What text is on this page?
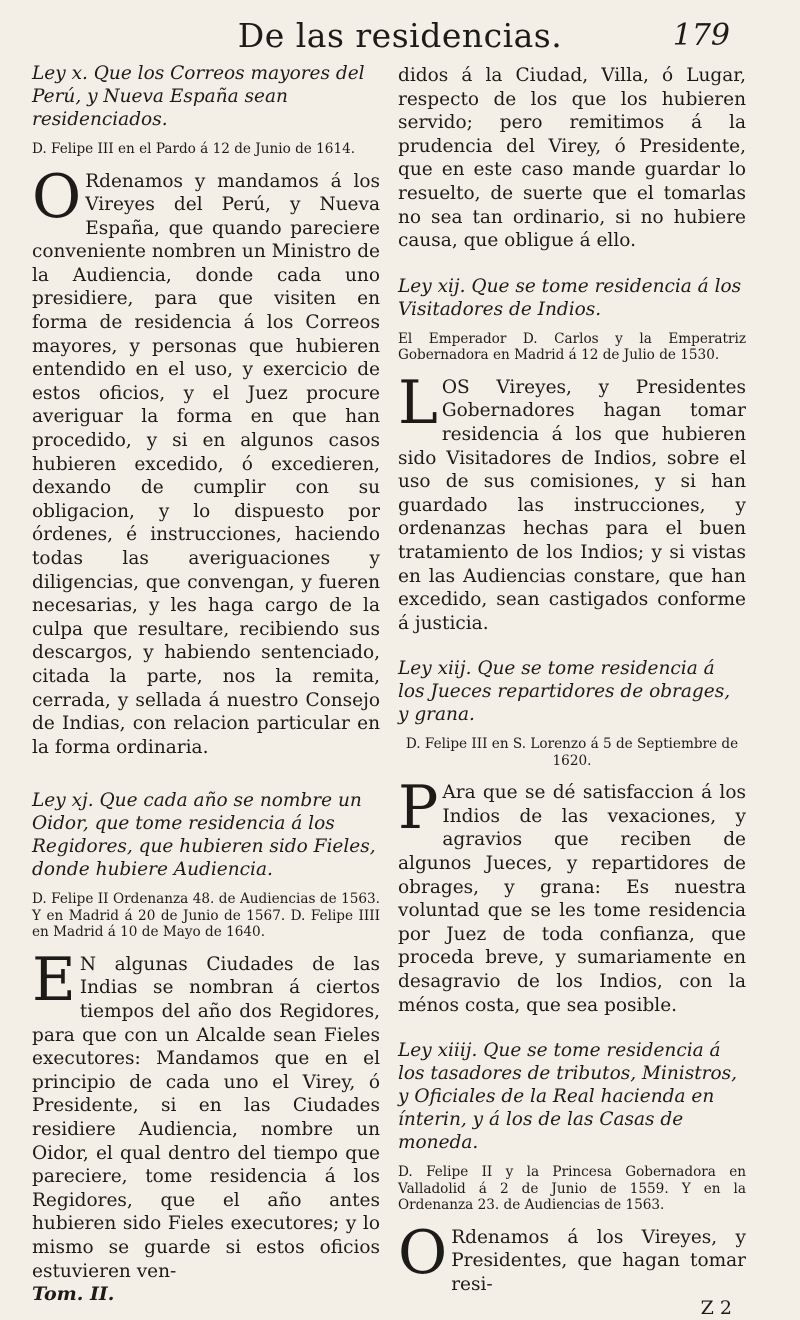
De las residencias.	179

Ley x. Que los Correos mayores del Perú, y Nueva España sean residenciados.

D. Felipe III en el Pardo á 12 de Junio de 1614.

O Rdenamos y mandamos á los Vireyes del Perú, y Nueva España, que quando pareciere conveniente nombren un Ministro de la Audiencia, donde cada uno presidiere, para que visiten en forma de residencia á los Correos mayores, y personas que hubieren entendido en el uso, y exercicio de estos oficios, y el Juez procure averiguar la forma en que han procedido, y si en algunos casos hubieren excedido, ó excedieren, dexando de cumplir con su obligacion, y lo dispuesto por órdenes, é instrucciones, haciendo todas las averiguaciones y diligencias, que convengan, y fueren necesarias, y les haga cargo de la culpa que resultare, recibiendo sus descargos, y habiendo sentenciado, citada la parte, nos la remita, cerrada, y sellada á nuestro Consejo de Indias, con relacion particular en la forma ordinaria.

Ley xj. Que cada año se nombre un Oidor, que tome residencia á los Regidores, que hubieren sido Fieles, donde hubiere Audiencia.

D. Felipe II Ordenanza 48. de Audiencias de 1563. Y en Madrid á 20 de Junio de 1567. D. Felipe IIII en Madrid á 10 de Mayo de 1640.

E N algunas Ciudades de las Indias se nombran á ciertos tiempos del año dos Regidores, para que con un Alcalde sean Fieles executores: Mandamos que en el principio de cada uno el Virey, ó Presidente, si en las Ciudades residiere Audiencia, nombre un Oidor, el qual dentro del tiempo que pareciere, tome residencia á los Regidores, que el año antes hubieren sido Fieles executores; y lo mismo se guarde si estos oficios estuvieren ven-

Tom. II.

didos á la Ciudad, Villa, ó Lugar, respecto de los que los hubieren servido; pero remitimos á la prudencia del Virey, ó Presidente, que en este caso mande guardar lo resuelto, de suerte que el tomarlas no sea tan ordinario, si no hubiere causa, que obligue á ello.

Ley xij. Que se tome residencia á los Visitadores de Indios.

El Emperador D. Carlos y la Emperatriz Gobernadora en Madrid á 12 de Julio de 1530.

LOS Vireyes, y Presidentes Gobernadores hagan tomar residencia á los que hubieren sido Visitadores de Indios, sobre el uso de sus comisiones, y si han guardado las instrucciones, y ordenanzas hechas para el buen tratamiento de los Indios; y si vistas en las Audiencias constare, que han excedido, sean castigados conforme á justicia.

Ley xiij. Que se tome residencia á los Jueces repartidores de obrages, y grana.

D. Felipe III en S. Lorenzo á 5 de Septiembre de 1620.

P Ara que se dé satisfaccion á los Indios de las vexaciones, y agravios que reciben de algunos Jueces, y repartidores de obrages, y grana: Es nuestra voluntad que se les tome residencia por Juez de toda confianza, que proceda breve, y sumariamente en desagravio de los Indios, con la ménos costa, que sea posible.

Ley xiiij. Que se tome residencia á los tasadores de tributos, Ministros, y Oficiales de la Real hacienda en ínterin, y á los de las Casas de moneda.

D. Felipe II y la Princesa Gobernadora en Valladolid á 2 de Junio de 1559. Y en la Ordenanza 23. de Audiencias de 1563.

O Rdenamos á los Vireyes, y Presidentes, que hagan tomar resi-

Z 2
